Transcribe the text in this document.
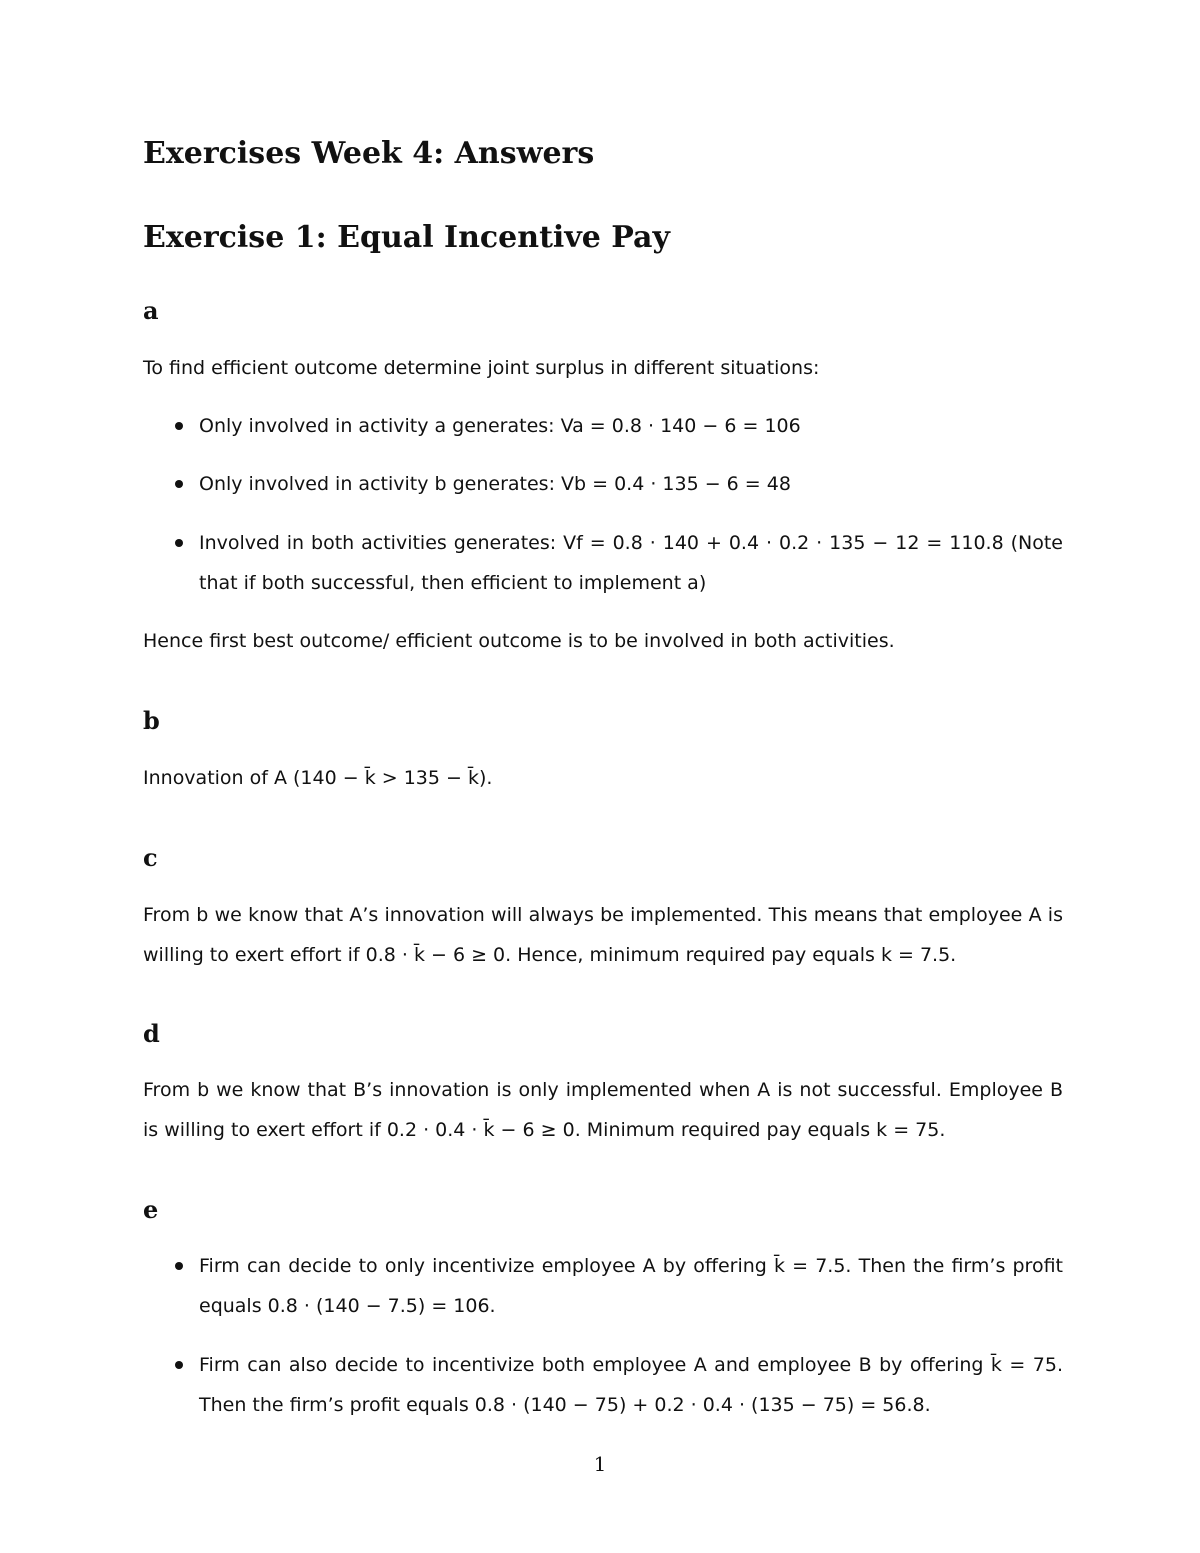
Exercises Week 4: Answers
Exercise 1: Equal Incentive Pay
a

To find efficient outcome determine joint surplus in different situations:

Only involved in activity a generates: Va = 0.8 · 140 − 6 = 106
Only involved in activity b generates: Vb = 0.4 · 135 − 6 = 48
Involved in both activities generates: Vf = 0.8 · 140 + 0.4 · 0.2 · 135 − 12 = 110.8 (Note that if both successful, then efficient to implement a)

Hence first best outcome/ efficient outcome is to be involved in both activities.

b

Innovation of A (140 − k̄ > 135 − k̄).

c

From b we know that A’s innovation will always be implemented. This means that employee A is willing to exert effort if 0.8 · k̄ − 6 ≥ 0. Hence, minimum required pay equals k = 7.5.

d

From b we know that B’s innovation is only implemented when A is not successful. Employee B is willing to exert effort if 0.2 · 0.4 · k̄ − 6 ≥ 0. Minimum required pay equals k = 75.

e
Firm can decide to only incentivize employee A by offering k̄ = 7.5. Then the firm’s profit equals 0.8 · (140 − 7.5) = 106.
Firm can also decide to incentivize both employee A and employee B by offering k̄ = 75. Then the firm’s profit equals 0.8 · (140 − 75) + 0.2 · 0.4 · (135 − 75) = 56.8.
1
